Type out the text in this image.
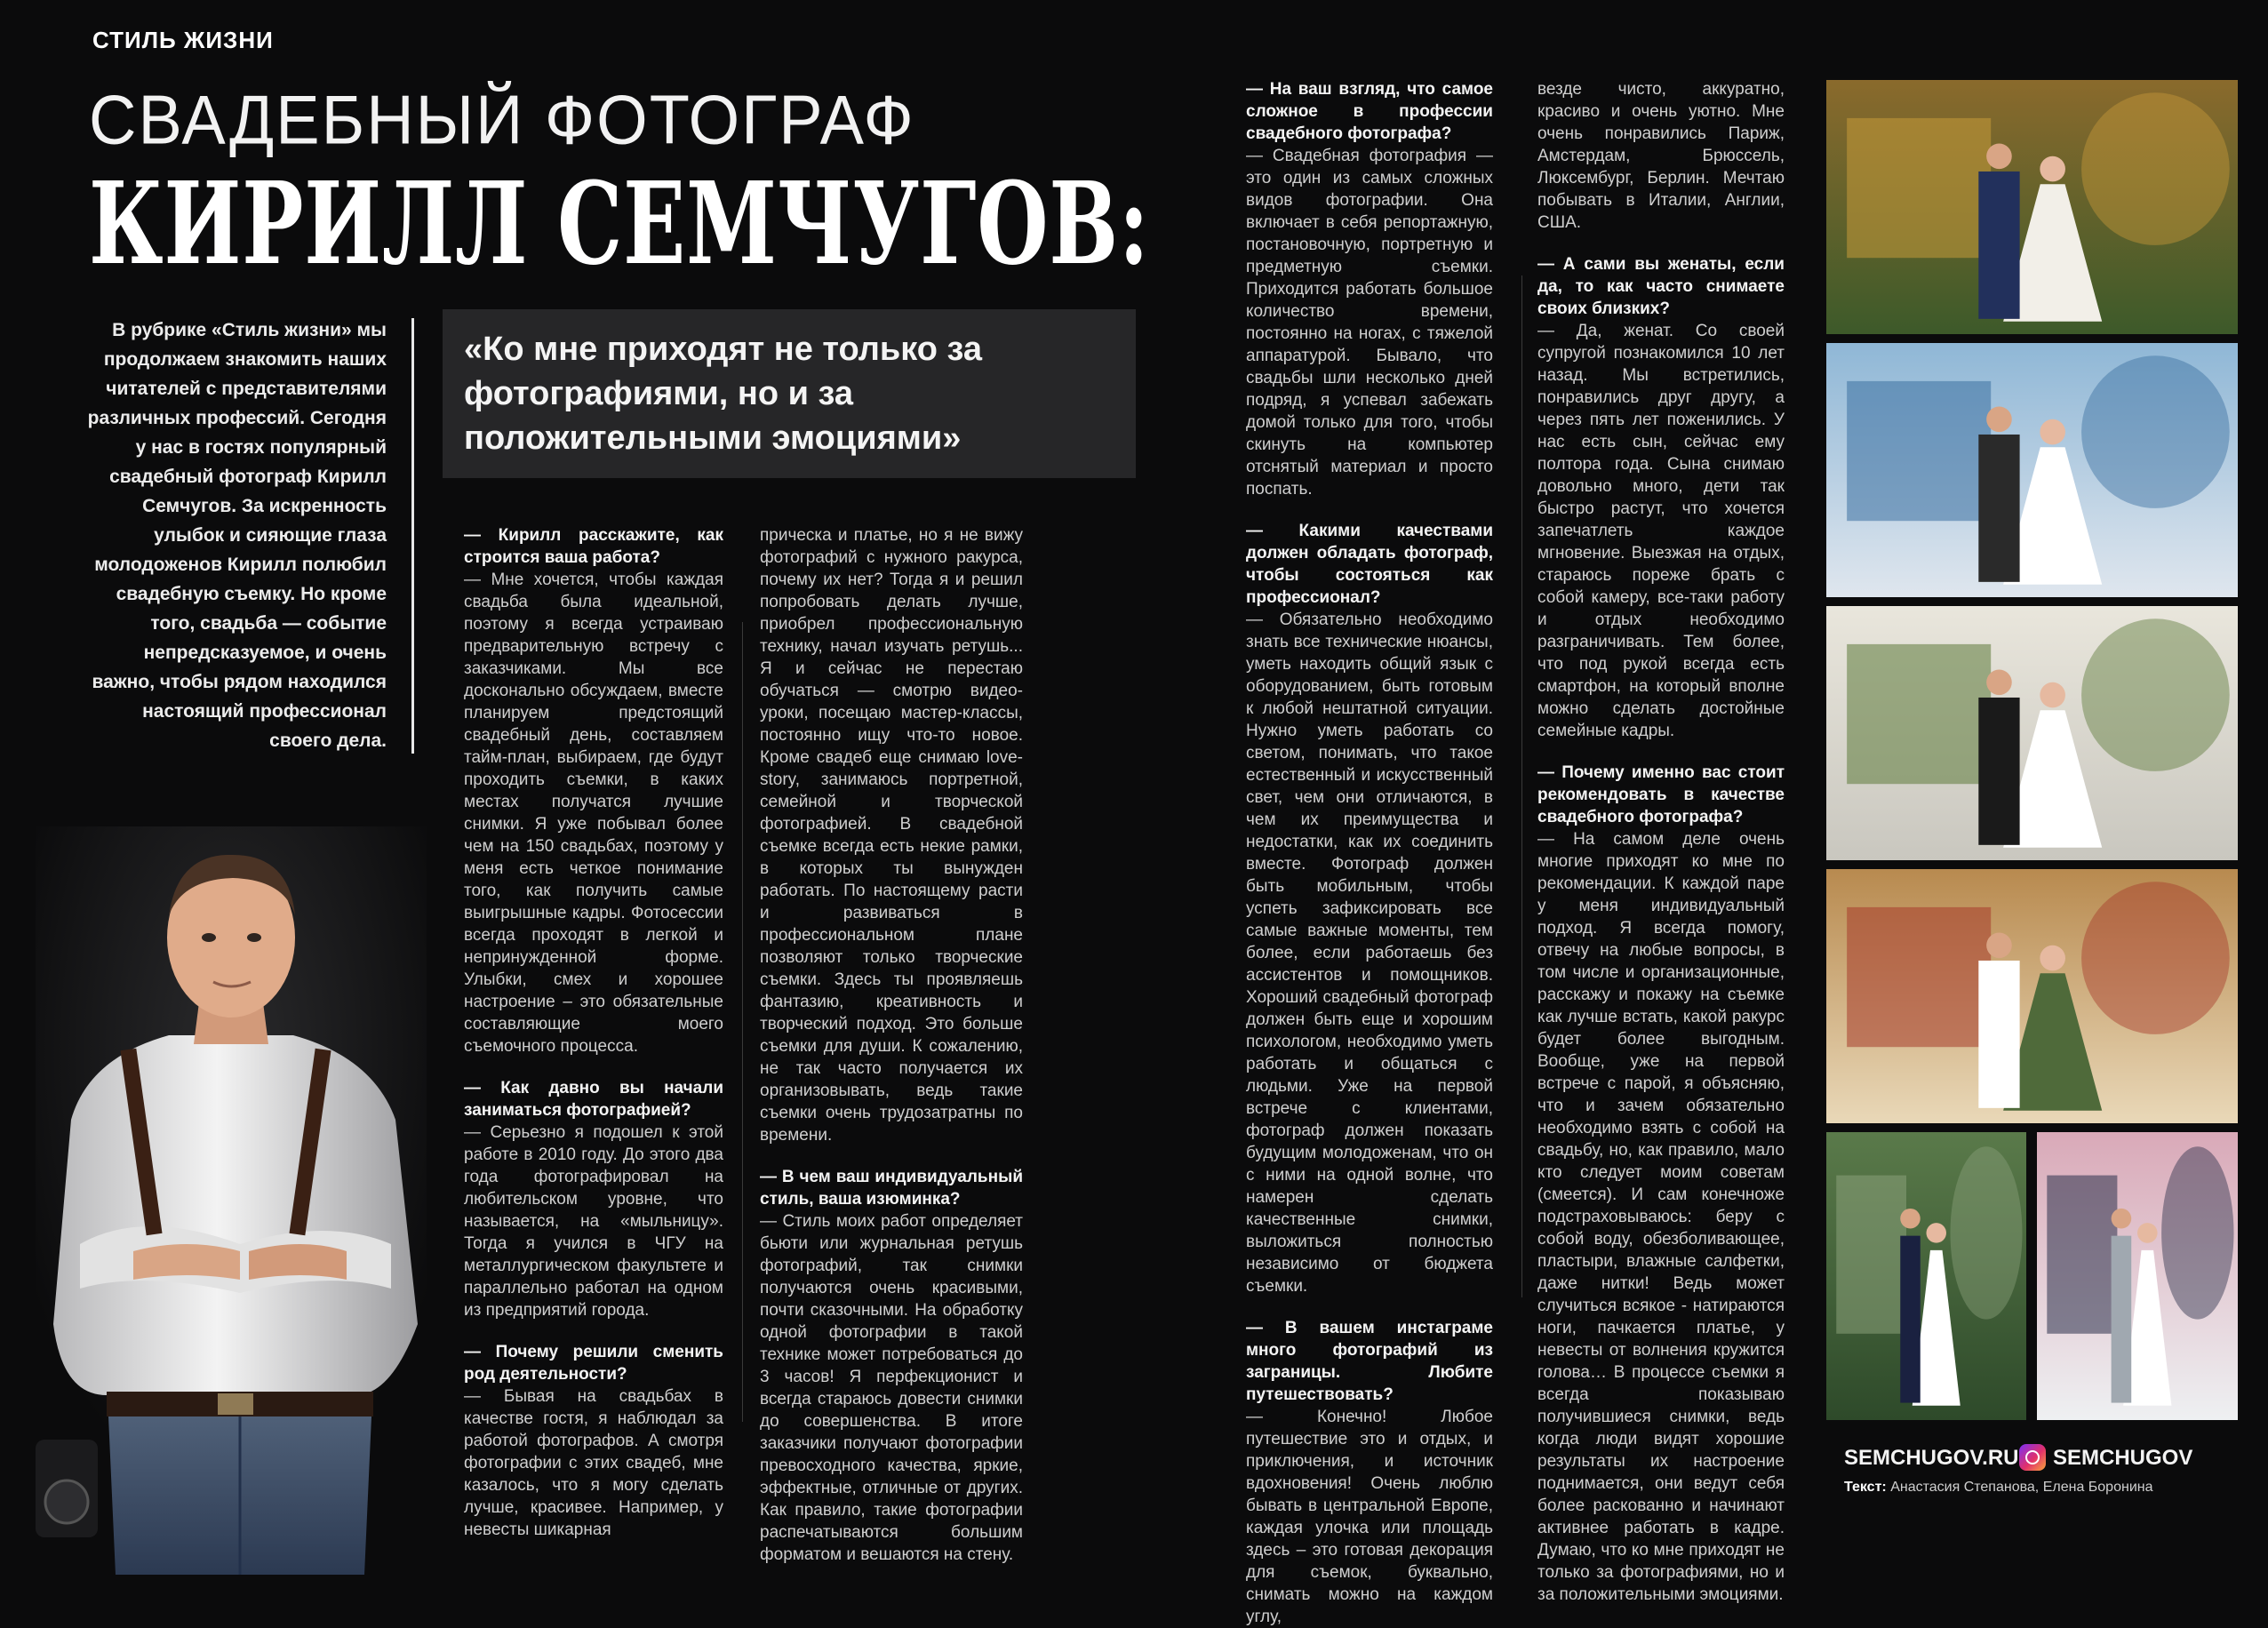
СТИЛЬ ЖИЗНИ
СВАДЕБНЫЙ ФОТОГРАФ
КИРИЛЛ СЕМЧУГОВ:
В рубрике «Стиль жизни» мы продолжаем знакомить наших читателей с представителями различных профессий. Сегодня у нас в гостях популярный свадебный фотограф Кирилл Семчугов. За искренность улыбок и сияющие глаза молодоженов Кирилл полюбил свадебную съемку. Но кроме того, свадьба — событие непредсказуемое, и очень важно, чтобы рядом находился настоящий профессионал своего дела.
«Ко мне приходят не только за фотографиями, но и за положительными эмоциями»

— Кирилл расскажите, как строится ваша работа?

— Мне хочется, чтобы каждая свадьба была идеальной, поэтому я всегда устраиваю предварительную встречу с заказчиками. Мы все досконально обсуждаем, вместе планируем предстоящий свадебный день, составляем тайм-план, выбираем, где будут проходить съемки, в каких местах получатся лучшие снимки. Я уже побывал более чем на 150 свадьбах, поэтому у меня есть четкое понимание того, как получить самые выигрышные кадры. Фотосессии всегда проходят в легкой и непринужденной форме. Улыбки, смех и хорошее настроение – это обязательные составляющие моего съемочного процесса.

— Как давно вы начали заниматься фотографией?

— Серьезно я подошел к этой работе в 2010 году. До этого два года фотографировал на любительском уровне, что называется, на «мыльницу». Тогда я учился в ЧГУ на металлургическом факультете и параллельно работал на одном из предприятий города.

— Почему решили сменить род деятельности?

— Бывая на свадьбах в качестве гостя, я наблюдал за работой фотографов. А смотря фотографии с этих свадеб, мне казалось, что я могу сделать лучше, красивее. Например, у невесты шикарная

прическа и платье, но я не вижу фотографий с нужного ракурса, почему их нет? Тогда я и решил попробовать делать лучше, приобрел профессиональную технику, начал изучать ретушь... Я и сейчас не перестаю обучаться — смотрю видео-уроки, посещаю мастер-классы, постоянно ищу что-то новое. Кроме свадеб еще снимаю love-story, занимаюсь портретной, семейной и творческой фотографией. В свадебной съемке всегда есть некие рамки, в которых ты вынужден работать. По настоящему расти и развиваться в профессиональном плане позволяют только творческие съемки. Здесь ты проявляешь фантазию, креативность и творческий подход. Это больше съемки для души. К сожалению, не так часто получается их организовывать, ведь такие съемки очень трудозатратны по времени.

— В чем ваш индивидуальный стиль, ваша изюминка?

— Стиль моих работ определяет бьюти или журнальная ретушь фотографий, так снимки получаются очень красивыми, почти сказочными. На обработку одной фотографии в такой технике может потребоваться до 3 часов! Я перфекционист и всегда стараюсь довести снимки до совершенства. В итоге заказчики получают фотографии превосходного качества, яркие, эффектные, отличные от других. Как правило, такие фотографии распечатываются большим форматом и вешаются на стену.

— На ваш взгляд, что самое сложное в профессии свадебного фотографа?

— Свадебная фотография — это один из самых сложных видов фотографии. Она включает в себя репортажную, постановочную, портретную и предметную съемки. Приходится работать большое количество времени, постоянно на ногах, с тяжелой аппаратурой. Бывало, что свадьбы шли несколько дней подряд, я успевал забежать домой только для того, чтобы скинуть на компьютер отснятый материал и просто поспать.

— Какими качествами должен обладать фотограф, чтобы состояться как профессионал?

— Обязательно необходимо знать все технические нюансы, уметь находить общий язык с оборудованием, быть готовым к любой нештатной ситуации. Нужно уметь работать со светом, понимать, что такое естественный и искусственный свет, чем они отличаются, в чем их преимущества и недостатки, как их соединить вместе. Фотограф должен быть мобильным, чтобы успеть зафиксировать все самые важные моменты, тем более, если работаешь без ассистентов и помощников. Хороший свадебный фотограф должен быть еще и хорошим психологом, необходимо уметь работать и общаться с людьми. Уже на первой встрече с клиентами, фотограф должен показать будущим молодоженам, что он с ними на одной волне, что намерен сделать качественные снимки, выложиться полностью независимо от бюджета съемки.

— В вашем инстаграме много фотографий из заграницы. Любите путешествовать?

— Конечно! Любое путешествие это и отдых, и приключения, и источник вдохновения! Очень люблю бывать в центральной Европе, каждая улочка или площадь здесь – это готовая декорация для съемок, буквально, снимать можно на каждом углу,

везде чисто, аккуратно, красиво и очень уютно. Мне очень понравились Париж, Амстердам, Брюссель, Люксембург, Берлин. Мечтаю побывать в Италии, Англии, США.

— А сами вы женаты, если да, то как часто снимаете своих близких?

— Да, женат. Со своей супругой познакомился 10 лет назад. Мы встретились, понравились друг другу, а через пять лет поженились. У нас есть сын, сейчас ему полтора года. Сына снимаю довольно много, дети так быстро растут, что хочется запечатлеть каждое мгновение. Выезжая на отдых, стараюсь пореже брать с собой камеру, все-таки работу и отдых необходимо разграничивать. Тем более, что под рукой всегда есть смартфон, на который вполне можно сделать достойные семейные кадры.

— Почему именно вас стоит рекомендовать в качестве свадебного фотографа?

— На самом деле очень многие приходят ко мне по рекомендации. К каждой паре у меня индивидуальный подход. Я всегда помогу, отвечу на любые вопросы, в том числе и организационные, расскажу и покажу на съемке как лучше встать, какой ракурс будет более выгодным. Вообще, уже на первой встрече с парой, я объясняю, что и зачем обязательно необходимо взять с собой на свадьбу, но, как правило, мало кто следует моим советам (смеется). И сам конечноже подстраховываюсь: беру с собой воду, обезболивающее, пластыри, влажные салфетки, даже нитки! Ведь может случиться всякое - натираются ноги, пачкается платье, у невесты от волнения кружится голова… В процессе съемки я всегда показываю получившиеся снимки, ведь когда люди видят хорошие результаты их настроение поднимается, они ведут себя более раскованно и начинают активнее работать в кадре. Думаю, что ко мне приходят не только за фотографиями, но и за положительными эмоциями.

SEMCHUGOV.RU SEMCHUGOV
Текст: Анастасия Степанова, Елена Боронина
